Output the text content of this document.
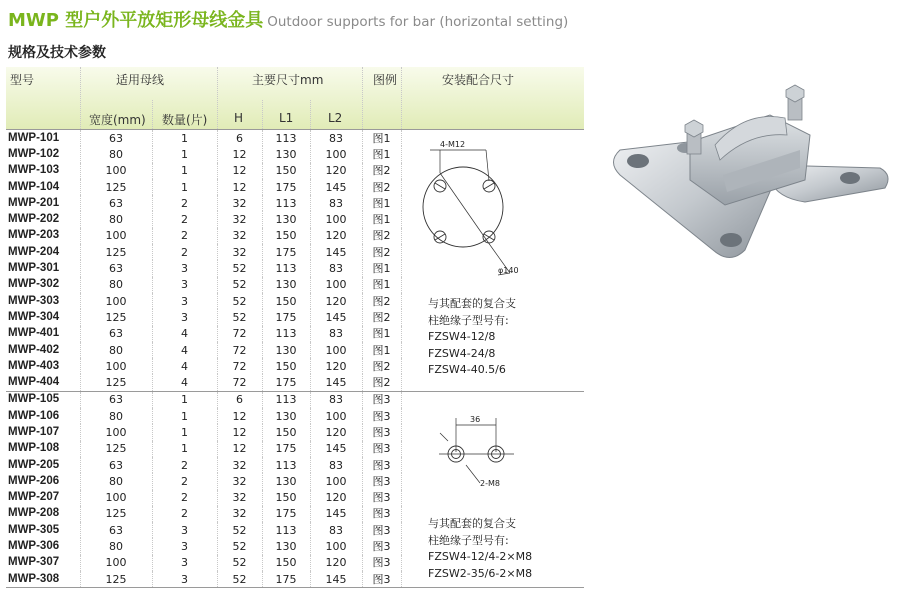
MWP 型户外平放矩形母线金具 Outdoor supports for bar (horizontal setting)
规格及技术参数
型号	适用母线	主要尺寸mm	图例	安装配合尺寸
宽度(mm) 数量(片) H	L1	L2
MWP-101	63	1	6	113	83	图1	
MWP-102	80	1	12	130	100	图1	
MWP-103	100	1	12	150	120	图2	
MWP-104	125	1	12	175	145	图2	
MWP-201	63	2	32	113	83	图1	
MWP-202	80	2	32	130	100	图1	
MWP-203	100	2	32	150	120	图2	
MWP-204	125	2	32	175	145	图2	
MWP-301	63	3	52	113	83	图1	
MWP-302	80	3	52	130	100	图1	
MWP-303	100	3	52	150	120	图2	
MWP-304	125	3	52	175	145	图2	
MWP-401	63	4	72	113	83	图1	
MWP-402	80	4	72	130	100	图1	
MWP-403	100	4	72	150	120	图2	
MWP-404	125	4	72	175	145	图2	
MWP-105	63	1	6	113	83	图3	
MWP-106	80	1	12	130	100	图3	
MWP-107	100	1	12	150	120	图3	
MWP-108	125	1	12	175	145	图3	
MWP-205	63	2	32	113	83	图3	
MWP-206	80	2	32	130	100	图3	
MWP-207	100	2	32	150	120	图3	
MWP-208	125	2	32	175	145	图3	
MWP-305	63	3	52	113	83	图3	
MWP-306	80	3	52	130	100	图3	
MWP-307	100	3	52	150	120	图3	
MWP-308	125	3	52	175	145	图3	
4-M12
φ140
与其配套的复合支
柱绝缘子型号有:
FZSW4-12/8
FZSW4-24/8
FZSW4-40.5/6
36
2-M8
与其配套的复合支
柱绝缘子型号有:
FZSW4-12/4-2×M8
FZSW2-35/6-2×M8
